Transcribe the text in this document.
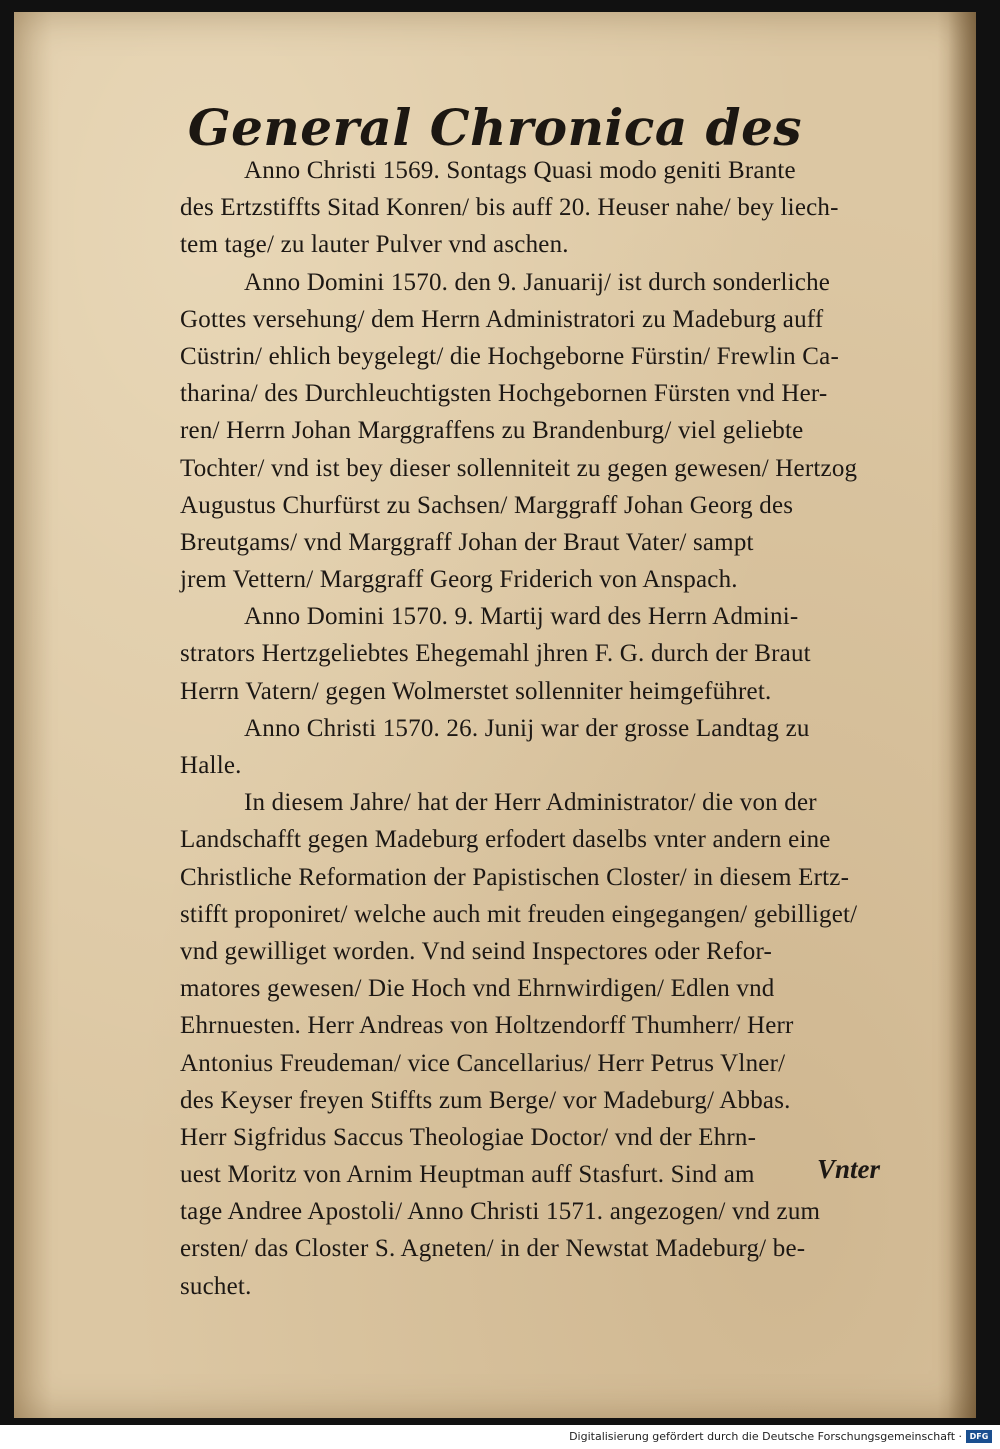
General Chronica des
Anno Christi 1569. Sontags Quasi modo geniti Brante
des Ertzstiffts Sitad Konren/ bis auff 20. Heuser nahe/ bey liech-
tem tage/ zu lauter Pulver vnd aschen.
Anno Domini 1570. den 9. Januarij/ ist durch sonderliche
Gottes versehung/ dem Herrn Administratori zu Madeburg auff
Cüstrin/ ehlich beygelegt/ die Hochgeborne Fürstin/ Frewlin Ca-
tharina/ des Durchleuchtigsten Hochgebornen Fürsten vnd Her-
ren/ Herrn Johan Marggraffens zu Brandenburg/ viel geliebte
Tochter/ vnd ist bey dieser sollenniteit zu gegen gewesen/ Hertzog
Augustus Churfürst zu Sachsen/ Marggraff Johan Georg des
Breutgams/ vnd Marggraff Johan der Braut Vater/ sampt
jrem Vettern/ Marggraff Georg Friderich von Anspach.
Anno Domini 1570. 9. Martij ward des Herrn Admini-
strators Hertzgeliebtes Ehegemahl jhren F. G. durch der Braut
Herrn Vatern/ gegen Wolmerstet sollenniter heimgeführet.
Anno Christi 1570. 26. Junij war der grosse Landtag zu
Halle.
In diesem Jahre/ hat der Herr Administrator/ die von der
Landschafft gegen Madeburg erfodert daselbs vnter andern eine
Christliche Reformation der Papistischen Closter/ in diesem Ertz-
stifft proponiret/ welche auch mit freuden eingegangen/ gebilliget/
vnd gewilliget worden. Vnd seind Inspectores oder Refor-
matores gewesen/ Die Hoch vnd Ehrnwirdigen/ Edlen vnd
Ehrnuesten. Herr Andreas von Holtzendorff Thumherr/ Herr
Antonius Freudeman/ vice Cancellarius/ Herr Petrus Vlner/
des Keyser freyen Stiffts zum Berge/ vor Madeburg/ Abbas.
Herr Sigfridus Saccus Theologiae Doctor/ vnd der Ehrn-
uest Moritz von Arnim Heuptman auff Stasfurt. Sind am
tage Andree Apostoli/ Anno Christi 1571. angezogen/ vnd zum
ersten/ das Closter S. Agneten/ in der Newstat Madeburg/ be-
suchet.
Vnter
Digitalisierung gefördert durch die Deutsche Forschungsgemeinschaft · DFG
